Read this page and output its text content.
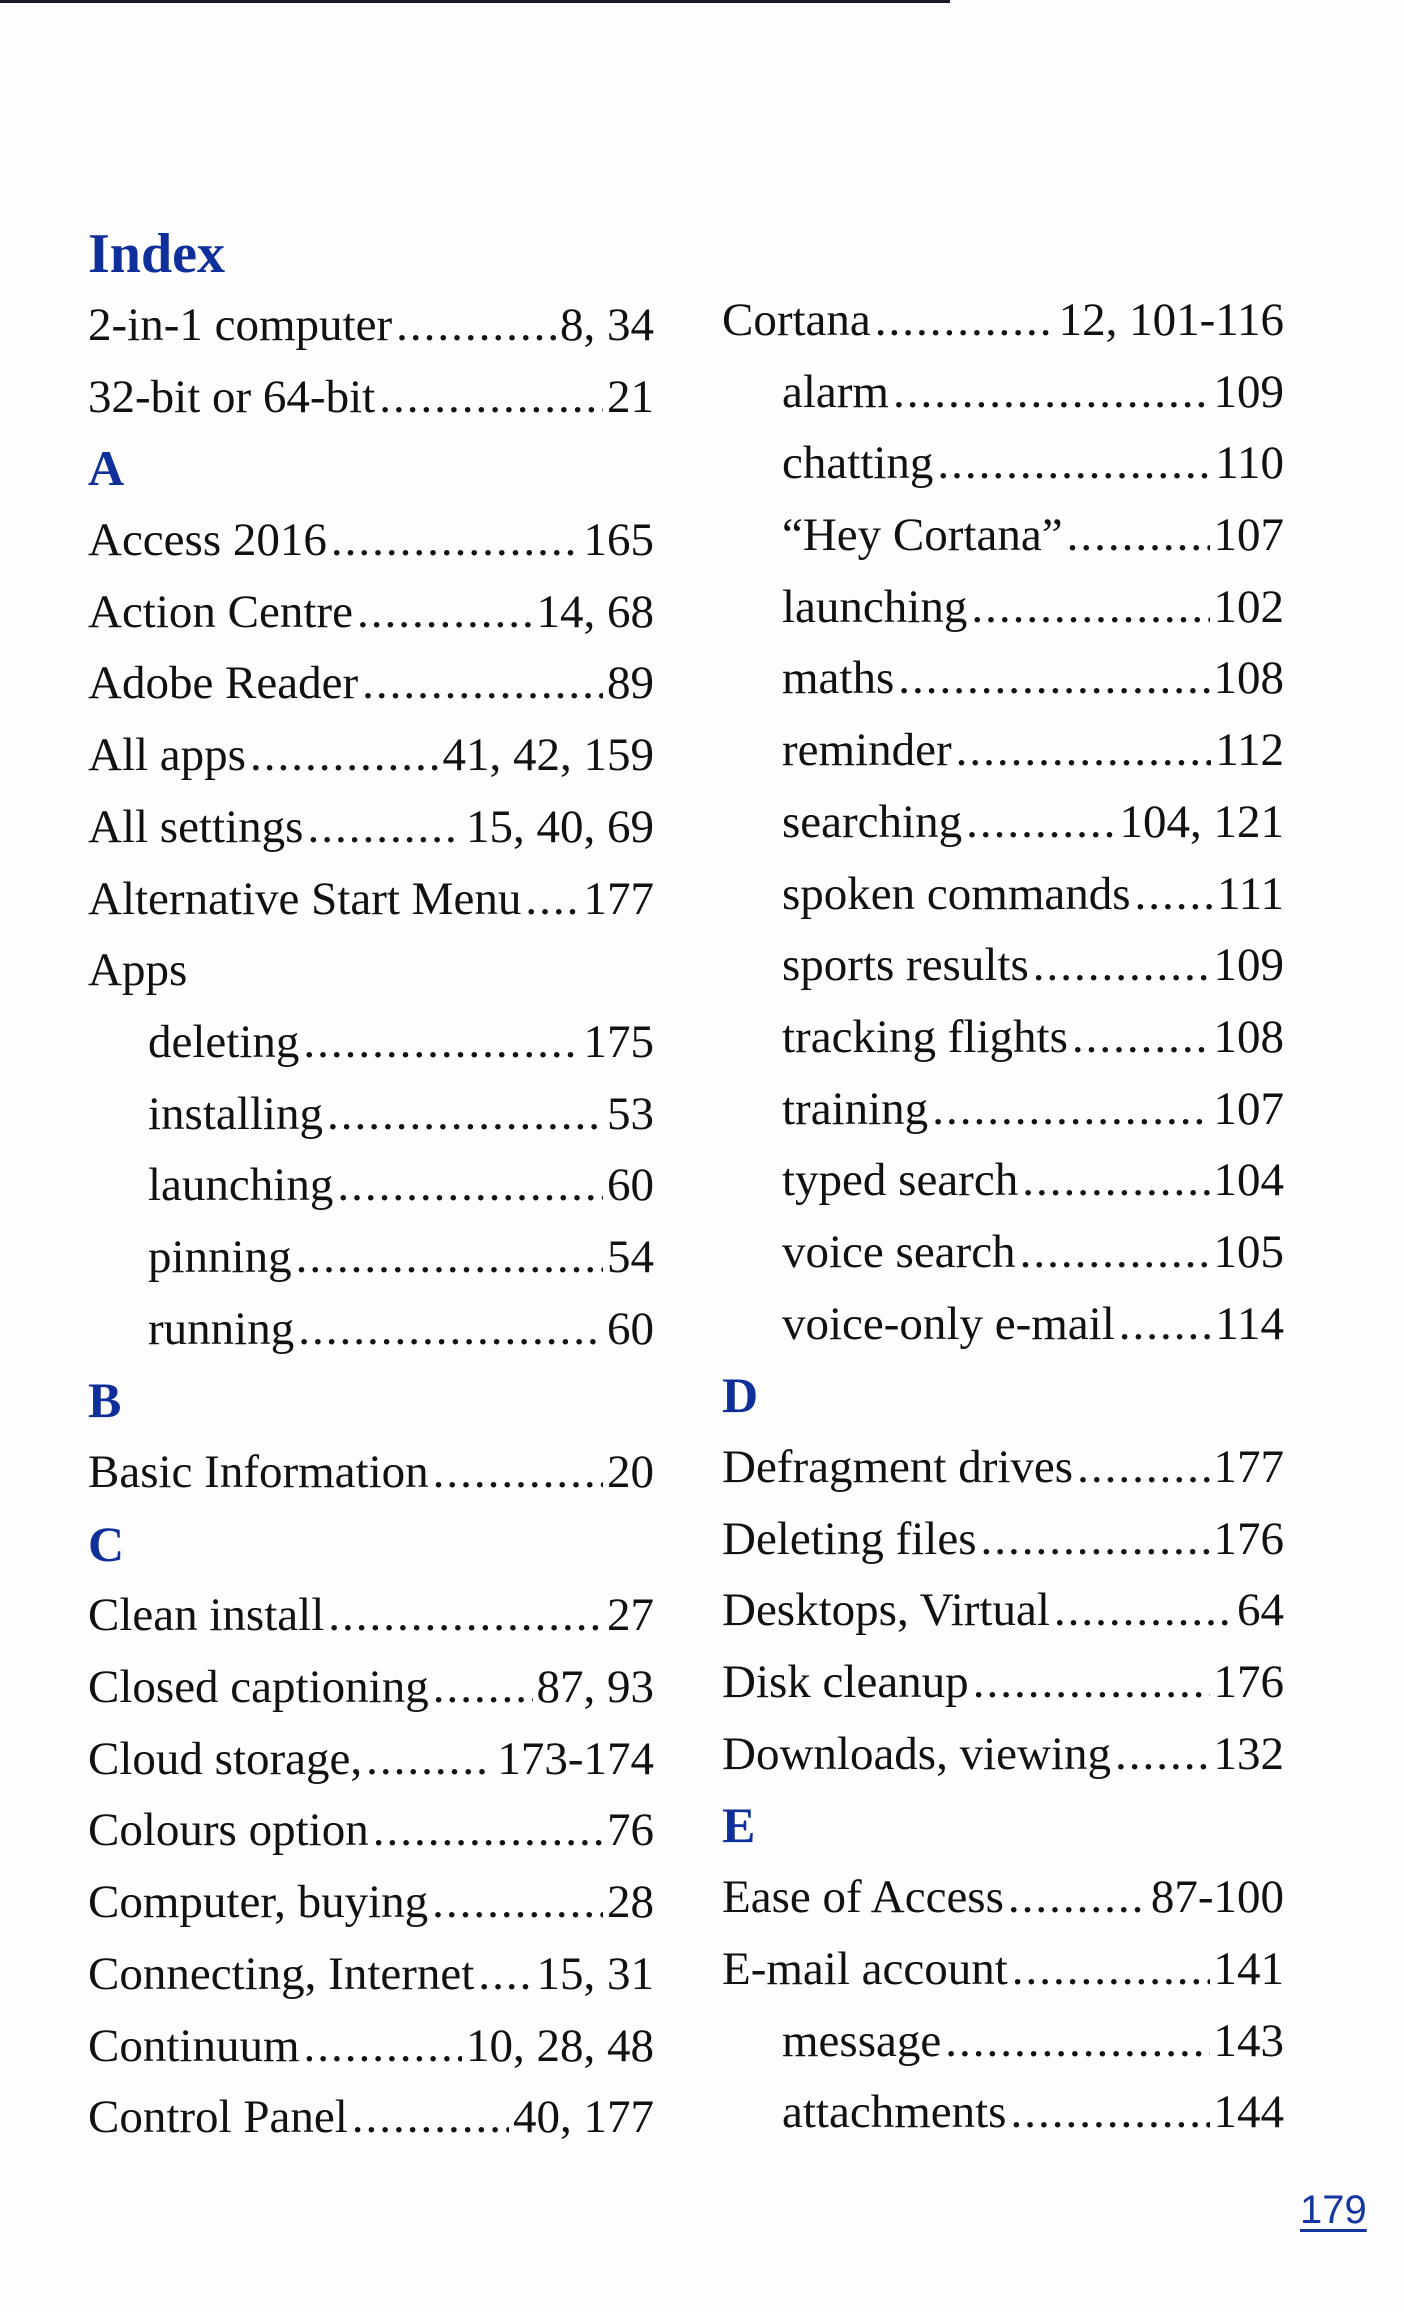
Index
2-in-1 computer .....	8, 34
32-bit or 64-bit .....	21
A
Access 2016 .....	165
Action Centre .....	14, 68
Adobe Reader .....	89
All apps .....	41, 42, 159
All settings .....	15, 40, 69
Alternative Start Menu ..... 177
Apps
deleting .....	175
installing .....	53
launching .....	60
pinning .....	54
running .....	60
B
Basic Information .....	20
C
Clean install .....	27
Closed captioning ..... 87, 93
Cloud storage, .....	173-174
Colours option .....	76
Computer, buying .....	28
Connecting, Internet ..... 15, 31
Continuum .....	10, 28, 48
Control Panel .....	40, 177
Cortana .....	12, 101-116
alarm .....	109
chatting .....	110
“Hey Cortana” .....	107
launching .....	102
maths .....	108
reminder .....	112
searching .....	104, 121
spoken commands ..... 111
sports results .....	109
tracking flights .....	108
training .....	107
typed search .....	104
voice search .....	105
voice-only e-mail ..... 114
D
Defragment drives .....	177
Deleting files .....	176
Desktops, Virtual .....	64
Disk cleanup .....	176
Downloads, viewing ..... 132
E
Ease of Access .....	87-100
E-mail account .....	141
message .....	143
attachments .....	144
179
